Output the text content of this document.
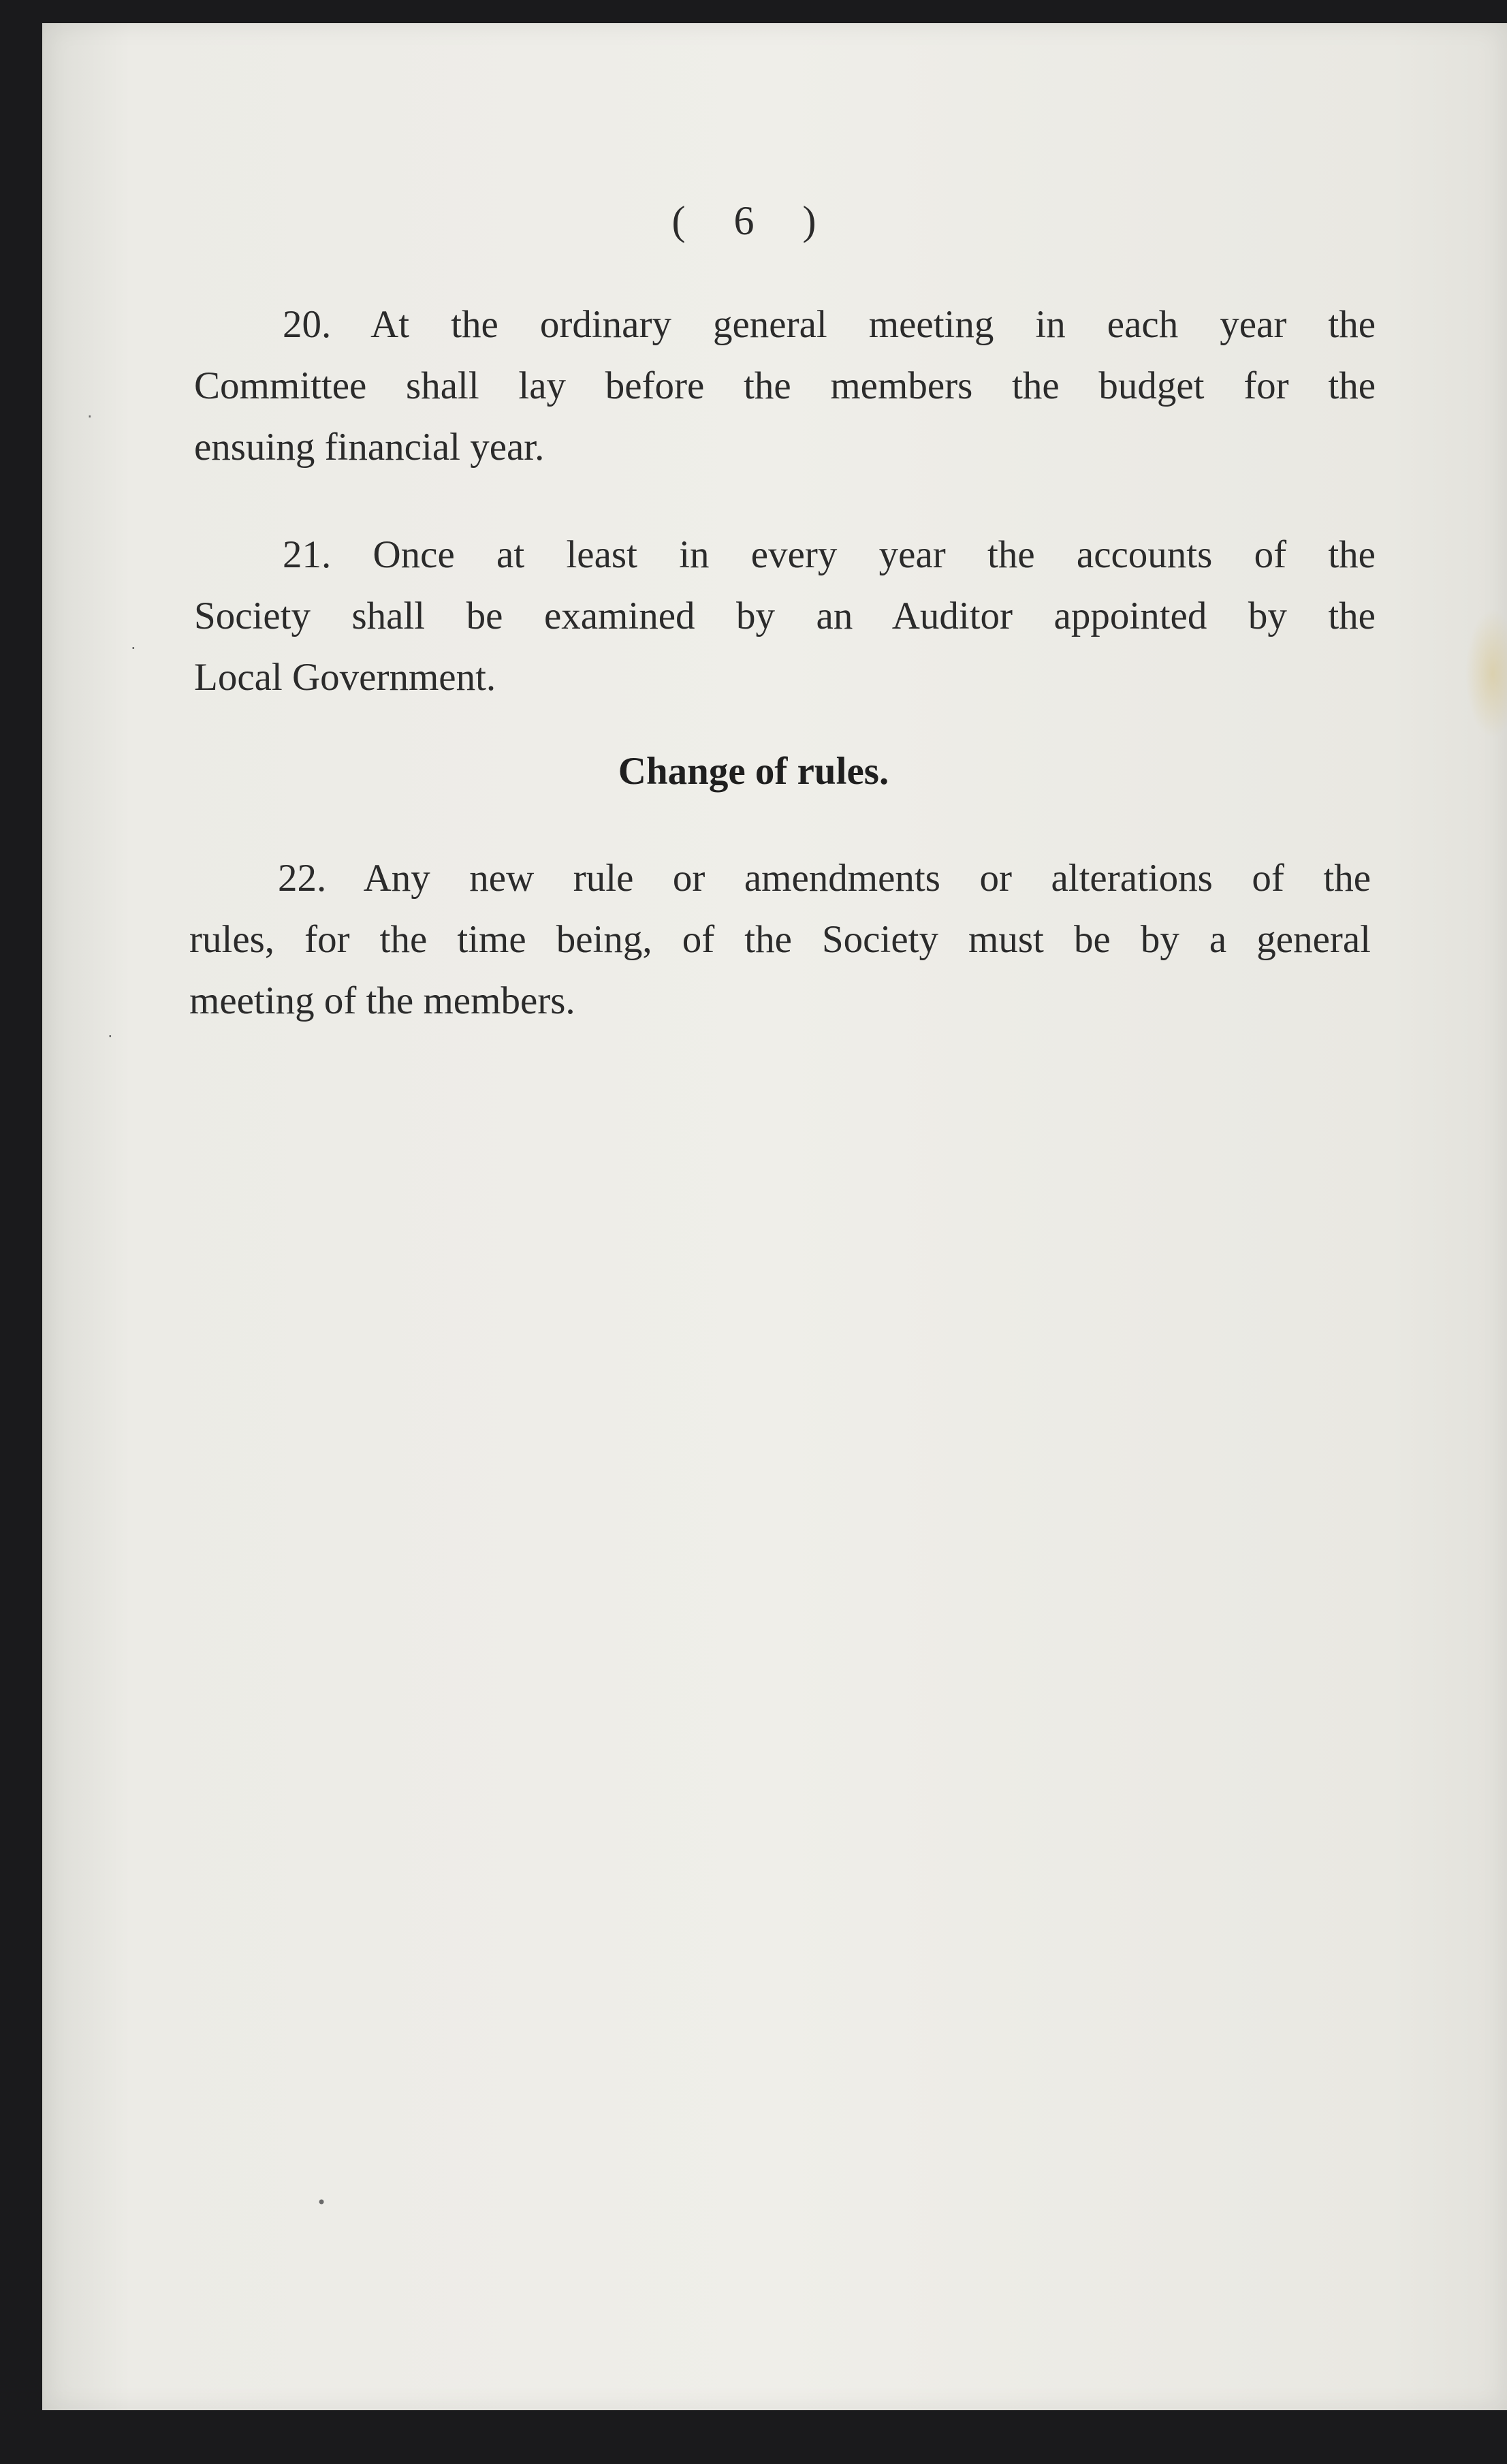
( 6 )
20. At the ordinary general meeting in each year the
Committee shall lay before the members the budget for the
ensuing financial year.
21. Once at least in every year the accounts of the
Society shall be examined by an Auditor appointed by the
Local Government.
Change of rules.
22. Any new rule or amendments or alterations of the
rules, for the time being, of the Society must be by a general
meeting of the members.
·
·
·
•
